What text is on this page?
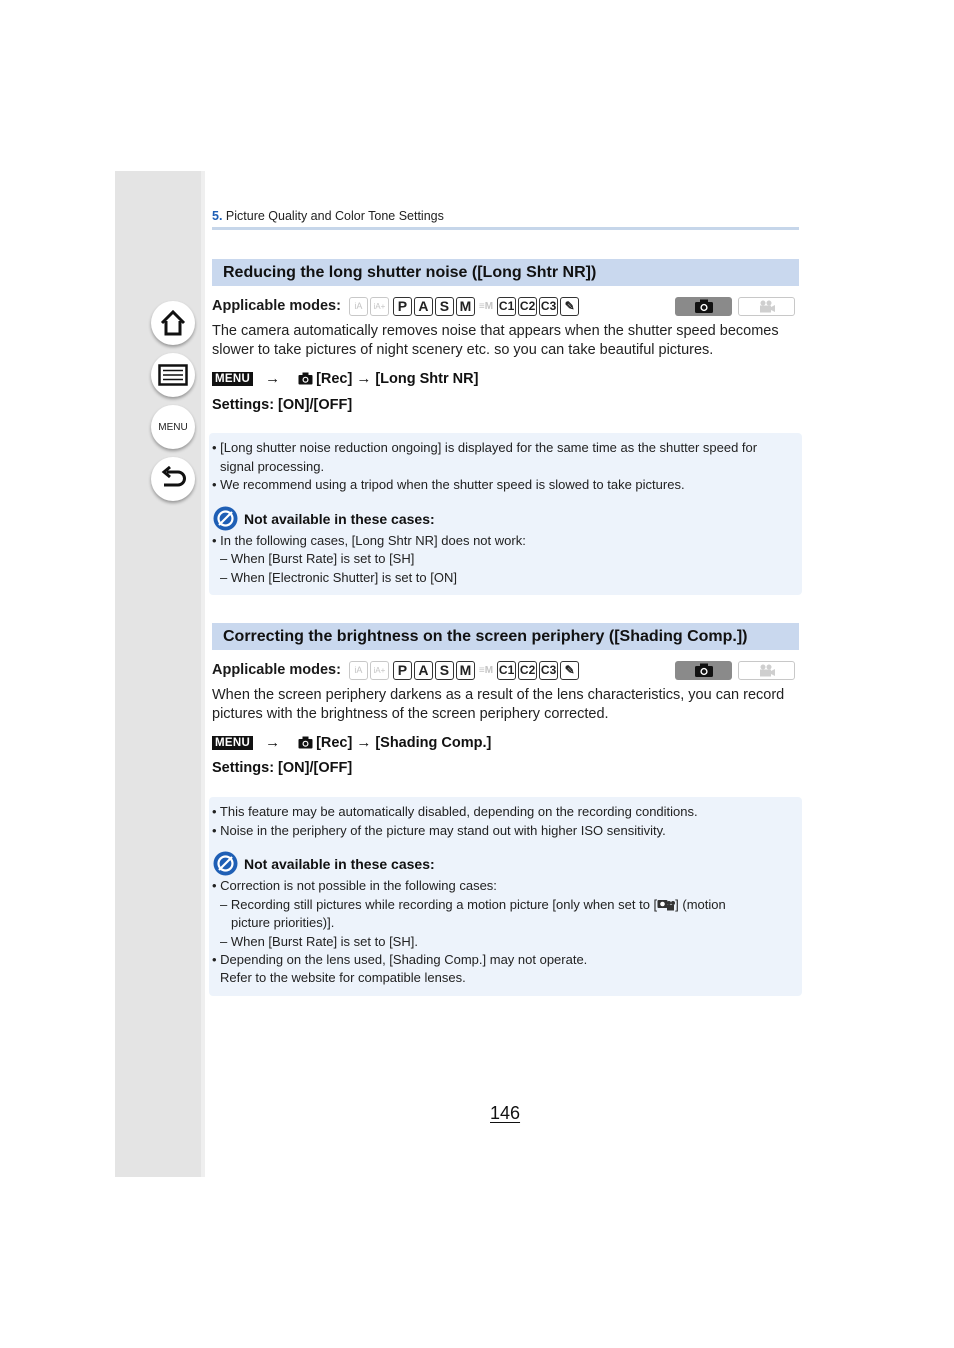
MENU
5. Picture Quality and Color Tone Settings
Reducing the long shutter noise ([Long Shtr NR])
Applicable modes:	iA	iA+ P A S M ≡M C1 C2 C3 ✎
The camera automatically removes noise that appears when the shutter speed becomes slower to take pictures of night scenery etc. so you can take beautiful pictures.
MENU → [Rec] → [Long Shtr NR]
Settings: [ON]/[OFF]
• [Long shutter noise reduction ongoing] is displayed for the same time as the shutter speed for
signal processing.
• We recommend using a tripod when the shutter speed is slowed to take pictures.
Not available in these cases:
• In the following cases, [Long Shtr NR] does not work:
– When [Burst Rate] is set to [SH]
– When [Electronic Shutter] is set to [ON]
Correcting the brightness on the screen periphery ([Shading Comp.])
Applicable modes:	iA	iA+ P A S M ≡M C1 C2 C3 ✎
When the screen periphery darkens as a result of the lens characteristics, you can record pictures with the brightness of the screen periphery corrected.
MENU → [Rec] → [Shading Comp.]
Settings: [ON]/[OFF]
• This feature may be automatically disabled, depending on the recording conditions.
• Noise in the periphery of the picture may stand out with higher ISO sensitivity.
Not available in these cases:
• Correction is not possible in the following cases:
– Recording still pictures while recording a motion picture [only when set to [ ] (motion
picture priorities)].
– When [Burst Rate] is set to [SH].
• Depending on the lens used, [Shading Comp.] may not operate.
Refer to the website for compatible lenses.
146
